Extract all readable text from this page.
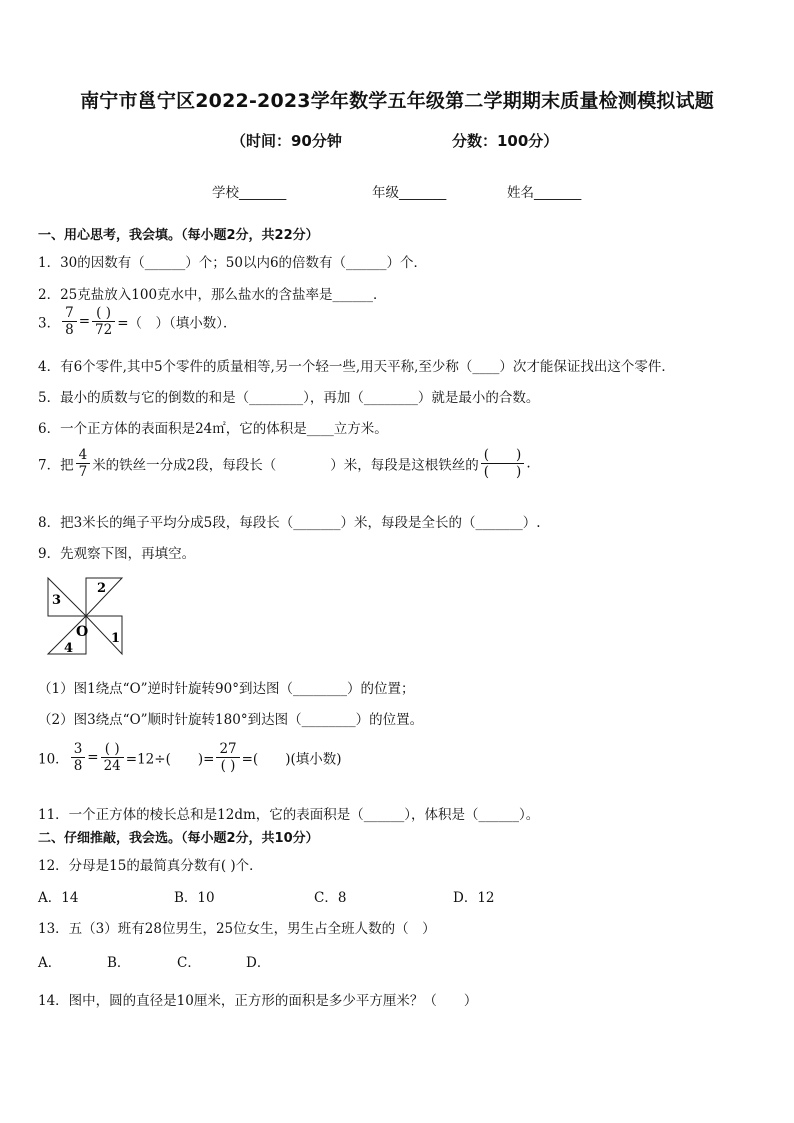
南宁市邕宁区2022-2023学年数学五年级第二学期期末质量检测模拟试题
（时间：90分钟	分数：100分）
学校_______	年级_______	姓名_______
一、用心思考，我会填。（每小题2分，共22分）
1．30的因数有（______）个；50以内6的倍数有（______）个．
2．25克盐放入100克水中，那么盐水的含盐率是______．
3． $\frac{7}{8} = \frac{( )}{72}$ =（　）（填小数）．
4．有6个零件,其中5个零件的质量相等,另一个轻一些,用天平称,至少称（____）次才能保证找出这个零件．
5．最小的质数与它的倒数的和是（________），再加（________）就是最小的合数。
6．一个正方体的表面积是24㎡，它的体积是____立方米。
7．把 $\frac{4}{7}$ 米的铁丝一分成2段，每段长（　　　　）米，每段是这根铁丝的 $\frac{( )}{( )}$ .
8．把3米长的绳子平均分成5段，每段长（_______）米，每段是全长的（_______）.
9．先观察下图，再填空。
3
2
O 1
4
（1）图1绕点“O”逆时针旋转90°到达图（________）的位置；
（2）图3绕点“O”顺时针旋转180°到达图（________）的位置。
10． $\frac{3}{8} = \frac{( )}{24} =12\div$(　　)= $\frac{27}{( )}$ =(　　)(填小数)
11．一个正方体的棱长总和是12dm，它的表面积是（______），体积是（______）。
二、仔细推敲，我会选。（每小题2分，共10分）
12．分母是15的最简真分数有( )个．
A．14	B．10	C．8	D．12
13．五（3）班有28位男生，25位女生，男生占全班人数的（　）
A．	B．	C．	D．
14．图中，圆的直径是10厘米，正方形的面积是多少平方厘米？（　　）
